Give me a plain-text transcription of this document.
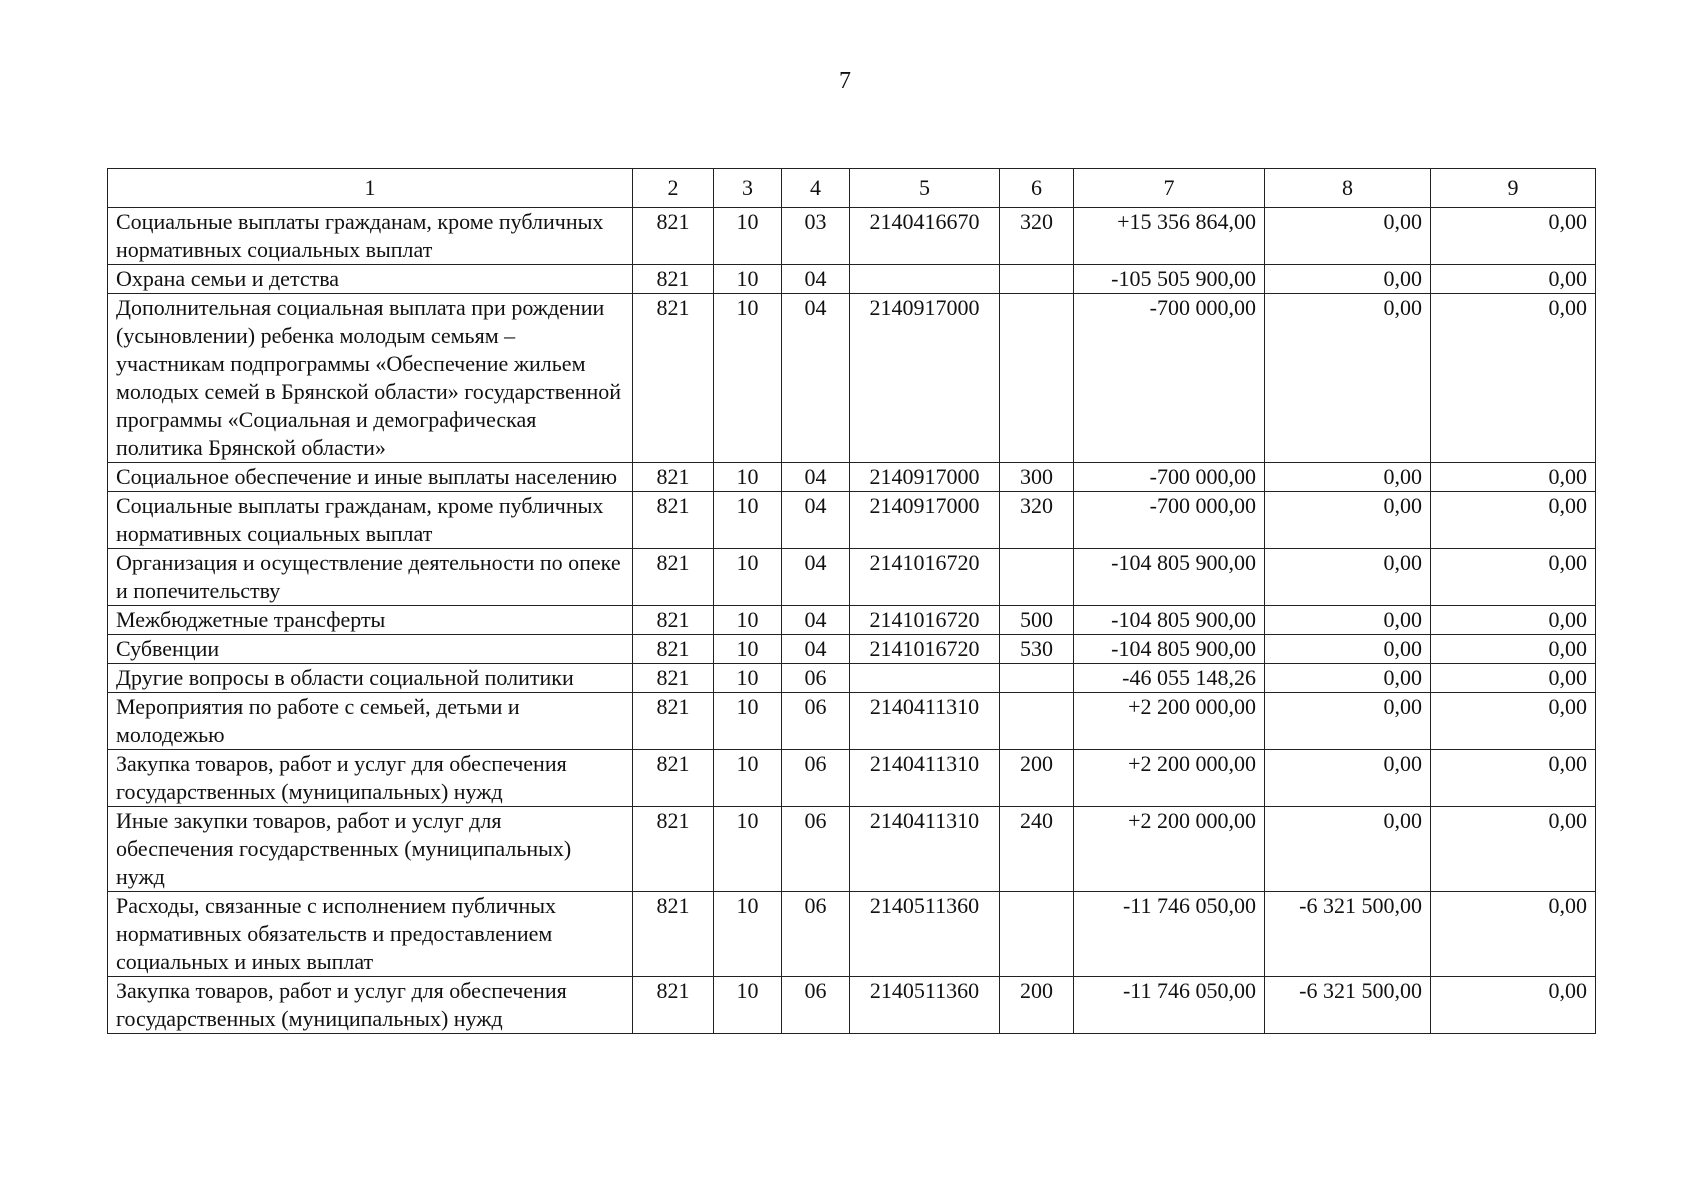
7
1	2	3	4	5	6	7	8	9
Социальные выплаты гражданам, кроме публичных нормативных социальных выплат	821	10	03	2140416670	320	+15 356 864,00	0,00	0,00
Охрана семьи и детства	821	10	04			-105 505 900,00	0,00	0,00
Дополнительная социальная выплата при рождении (усыновлении) ребенка молодым семьям – участникам подпрограммы «Обеспечение жильем молодых семей в Брянской области» государственной программы «Социальная и демографическая политика Брянской области»	821	10	04	2140917000		-700 000,00	0,00	0,00
Социальное обеспечение и иные выплаты населению	821	10	04	2140917000	300	-700 000,00	0,00	0,00
Социальные выплаты гражданам, кроме публичных нормативных социальных выплат	821	10	04	2140917000	320	-700 000,00	0,00	0,00
Организация и осуществление деятельности по опеке и попечительству	821	10	04	2141016720		-104 805 900,00	0,00	0,00
Межбюджетные трансферты	821	10	04	2141016720	500	-104 805 900,00	0,00	0,00
Субвенции	821	10	04	2141016720	530	-104 805 900,00	0,00	0,00
Другие вопросы в области социальной политики	821	10	06			-46 055 148,26	0,00	0,00
Мероприятия по работе с семьей, детьми и молодежью	821	10	06	2140411310		+2 200 000,00	0,00	0,00
Закупка товаров, работ и услуг для обеспечения государственных (муниципальных) нужд	821	10	06	2140411310	200	+2 200 000,00	0,00	0,00
Иные закупки товаров, работ и услуг для обеспечения государственных (муниципальных) нужд	821	10	06	2140411310	240	+2 200 000,00	0,00	0,00
Расходы, связанные с исполнением публичных нормативных обязательств и предоставлением социальных и иных выплат	821	10	06	2140511360		-11 746 050,00	-6 321 500,00	0,00
Закупка товаров, работ и услуг для обеспечения государственных (муниципальных) нужд	821	10	06	2140511360	200	-11 746 050,00	-6 321 500,00	0,00
